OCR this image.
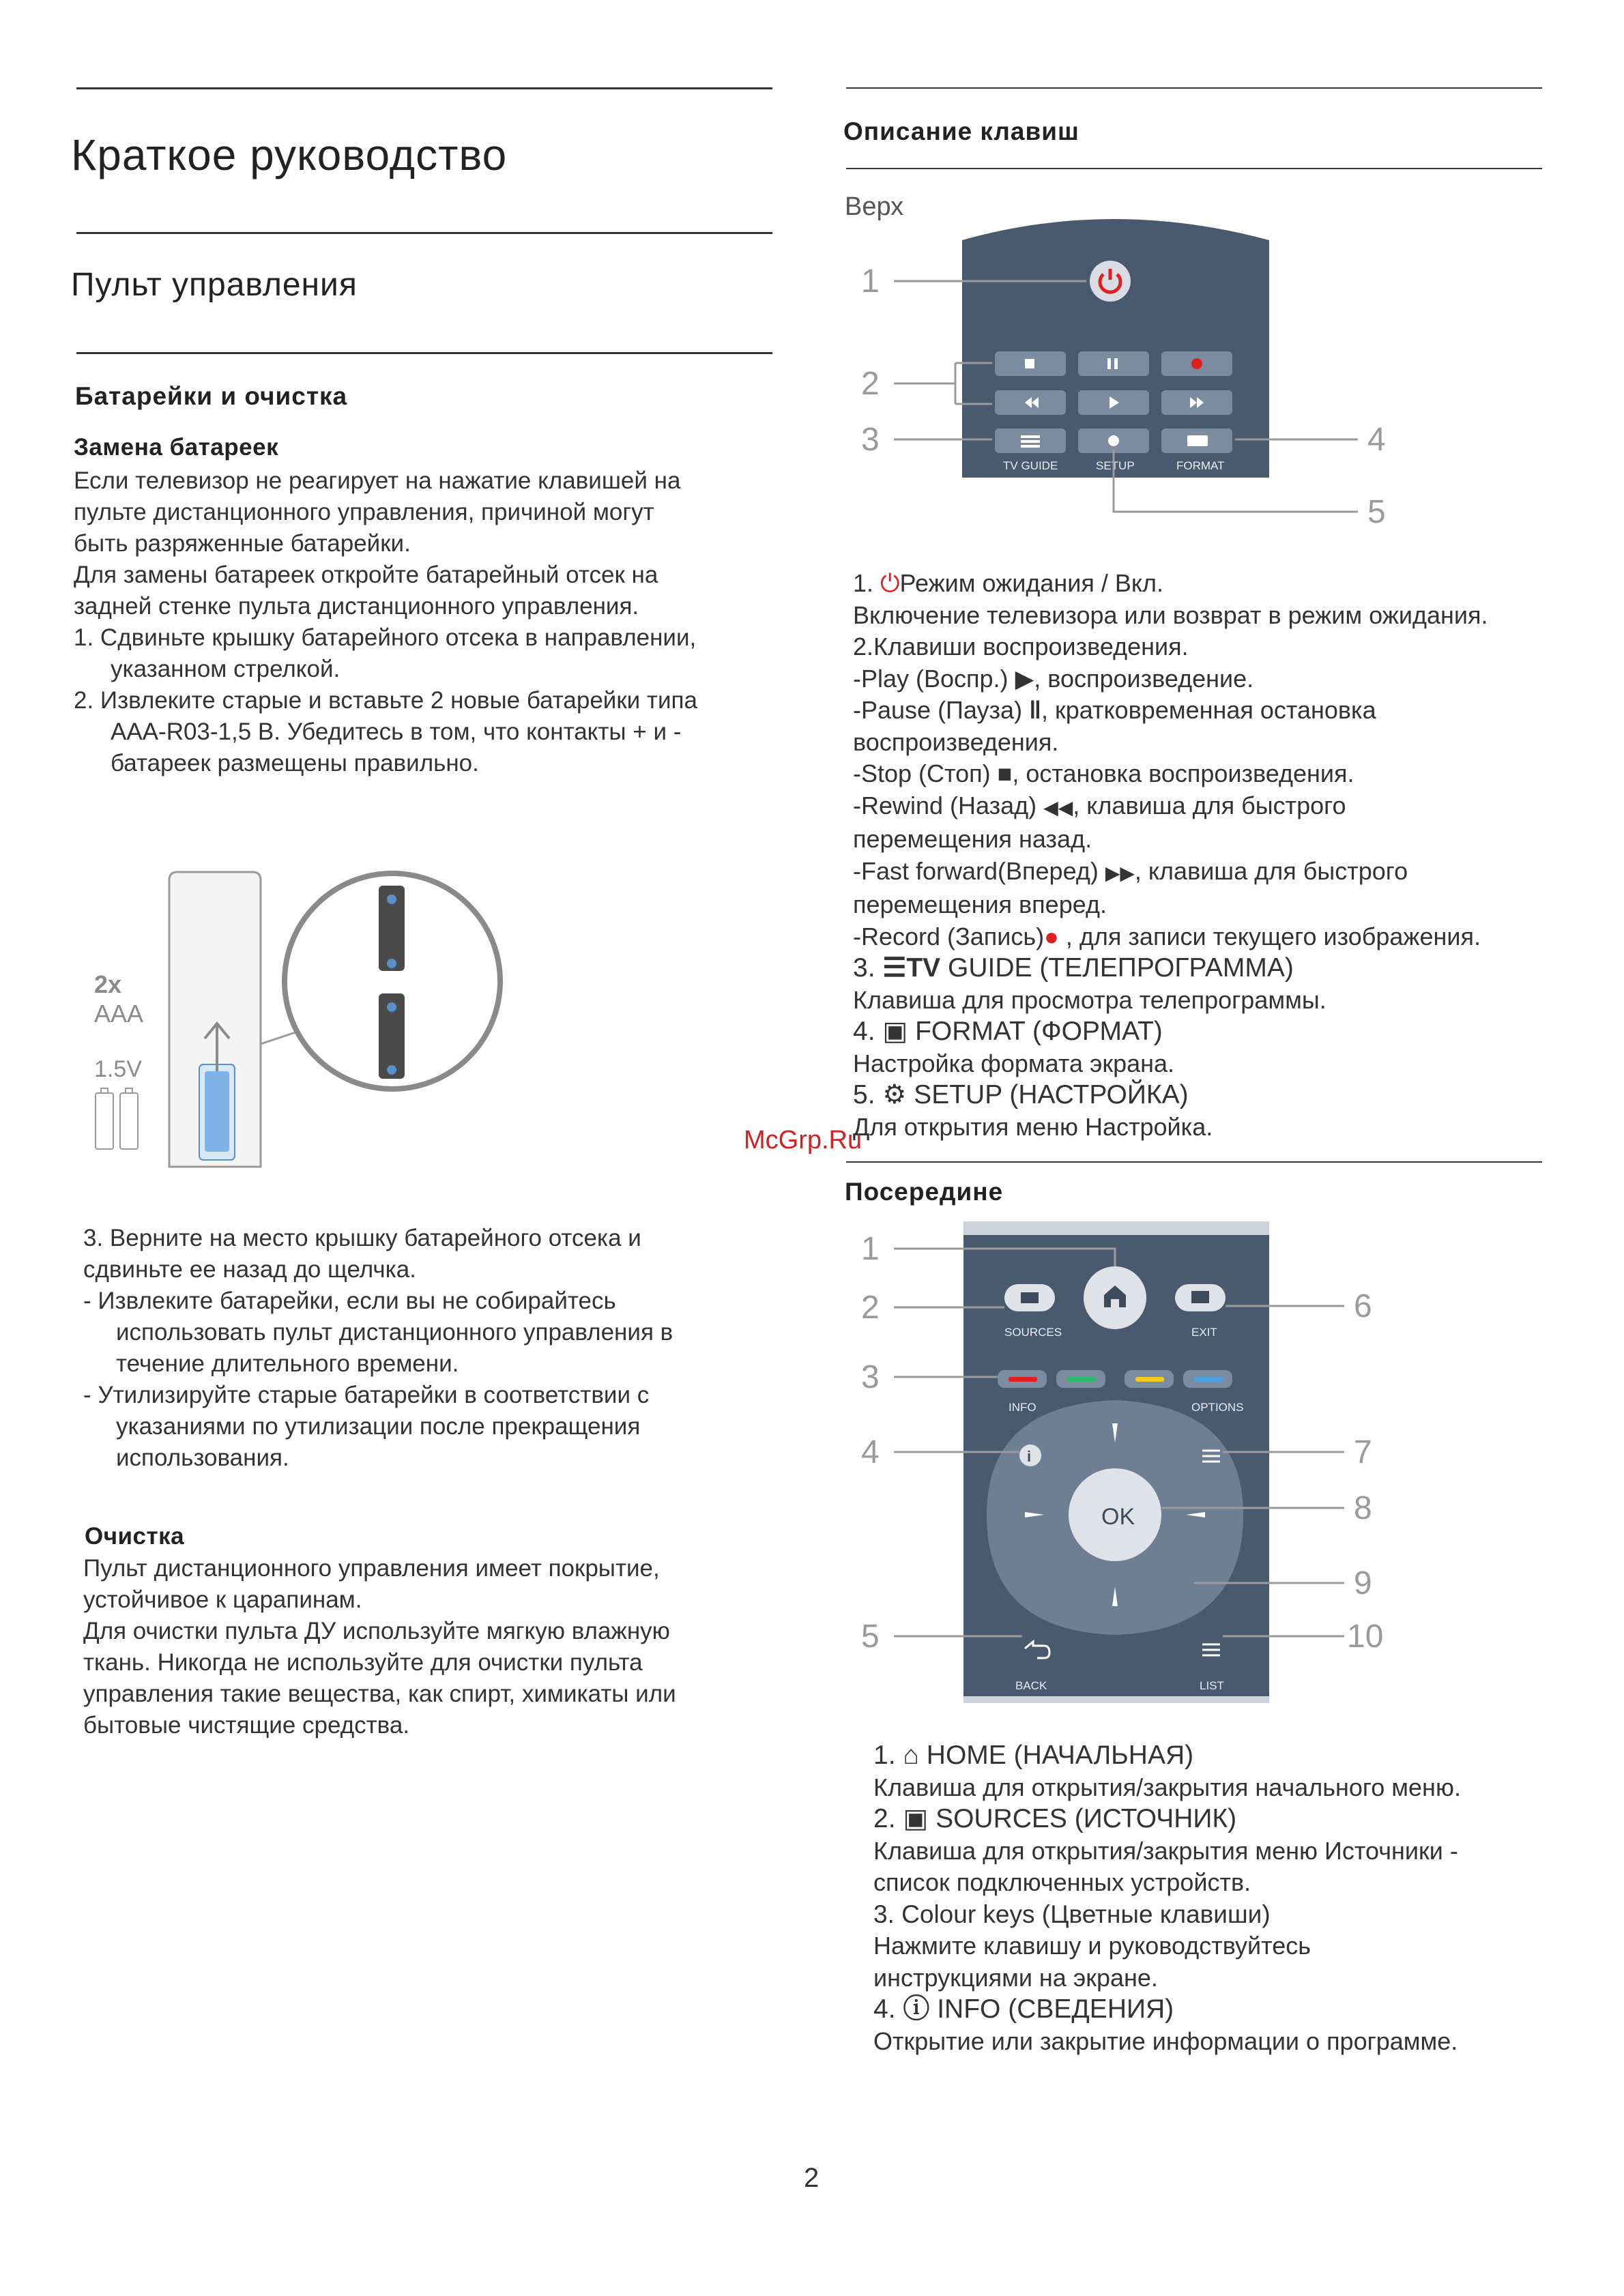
Краткое руководство
Пульт управления
Батарейки и очистка
Замена батареек
Если телевизор не реагирует на нажатие клавишей на
пульте дистанционного управления, причиной могут
быть разряженные батарейки.
Для замены батареек откройте батарейный отсек на
задней стенке пульта дистанционного управления.
1. Сдвиньте крышку батарейного отсека в направлении,
указанном стрелкой.
2. Извлеките старые и вставьте 2 новые батарейки типа
AAA-R03-1,5 В. Убедитесь в том, что контакты + и -
батареек размещены правильно.
2x
AAA
1.5V
3. Верните на место крышку батарейного отсека и
сдвиньте ее назад до щелчка.
- Извлеките батарейки, если вы не собирайтесь
использовать пульт дистанционного управления в
течение длительного времени.
- Утилизируйте старые батарейки в соответствии с
указаниями по утилизации после прекращения
использования.
Очистка
Пульт дистанционного управления имеет покрытие,
устойчивое к царапинам.
Для очистки пульта ДУ используйте мягкую влажную
ткань. Никогда не используйте для очистки пульта
управления такие вещества, как спирт, химикаты или
бытовые чистящие средства.
Описание клавиш
Верх
TV GUIDE	SETUP	FORMAT
1
2
3	4
5
1. ⏻Режим ожидания / Вкл.
Включение телевизора или возврат в режим ожидания.
2.Клавиши воспроизведения.
-Play (Воспр.) ▶, воспроизведение.
-Pause (Пауза) ‖, кратковременная остановка
воспроизведения.
-Stop (Стоп) ■, остановка воспроизведения.
-Rewind (Назад) ◀◀, клавиша для быстрого
перемещения назад.
-Fast forward(Вперед) ▶▶, клавиша для быстрого
перемещения вперед.
-Record (Запись)● , для записи текущего изображения.
3. ☰TV GUIDE (ТЕЛЕПРОГРАММА)
Клавиша для просмотра телепрограммы.
4. ▣ FORMAT (ФОРМАТ)
Настройка формата экрана.
5. ⚙ SETUP (НАСТРОЙКА)
Для открытия меню Настройка.
McGrp.Ru
Посередине
SOURCES	EXIT
INFO	OPTIONS
OK
i
BACK	LIST
1
2
3
4
5
6
7
8
9
10
1. ⌂ HOME (НАЧАЛЬНАЯ)
Клавиша для открытия/закрытия начального меню.
2. ▣ SOURCES (ИСТОЧНИК)
Клавиша для открытия/закрытия меню Источники -
список подключенных устройств.
3. Colour keys (Цветные клавиши)
Нажмите клавишу и руководствуйтесь
инструкциями на экране.
4. ⓘ INFO (СВЕДЕНИЯ)
Открытие или закрытие информации о программе.
2
